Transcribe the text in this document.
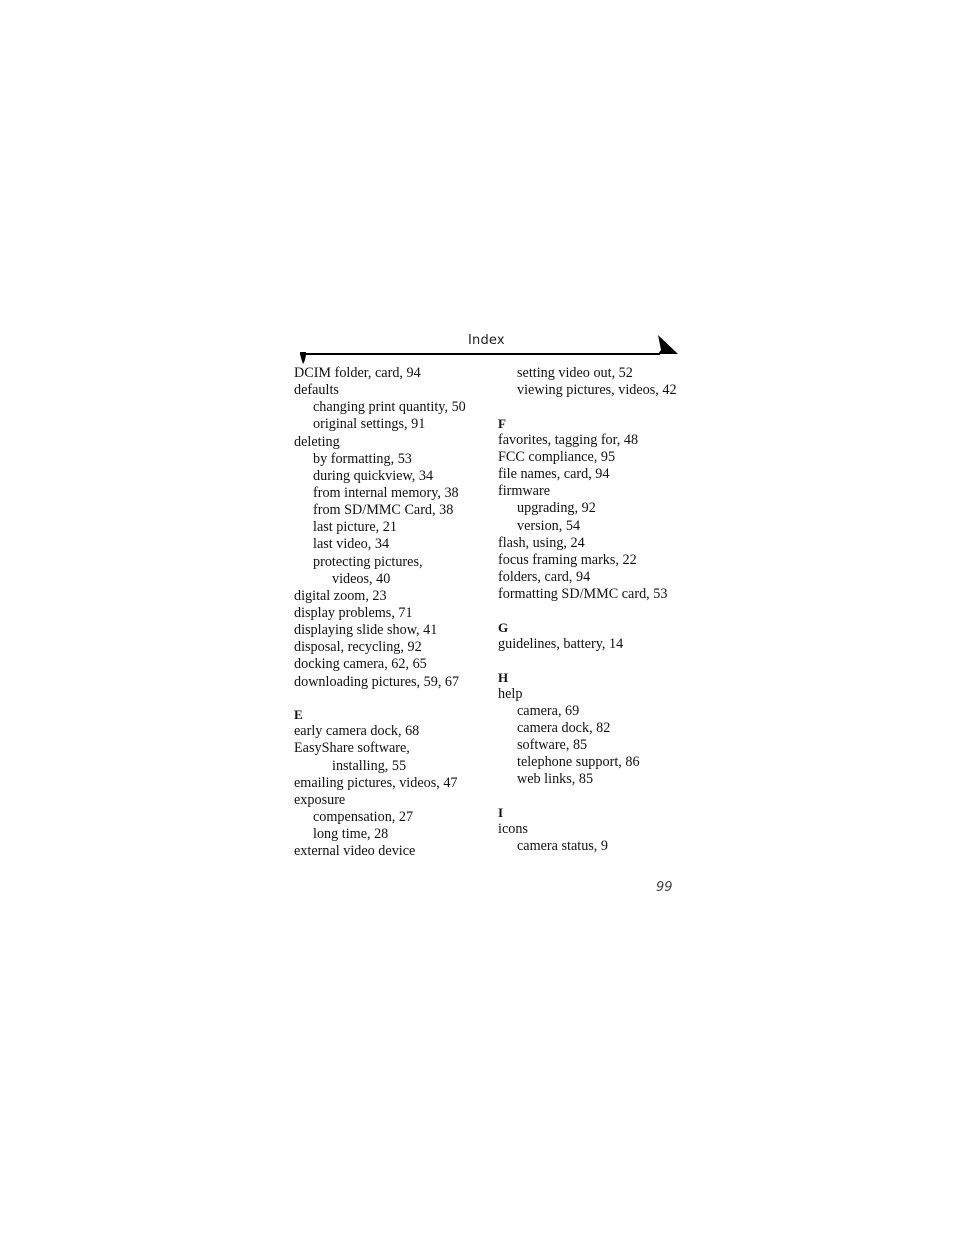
Index
DCIM folder, card, 94
defaults
changing print quantity, 50
original settings, 91
deleting
by formatting, 53
during quickview, 34
from internal memory, 38
from SD/MMC Card, 38
last picture, 21
last video, 34
protecting pictures,
videos, 40
digital zoom, 23
display problems, 71
displaying slide show, 41
disposal, recycling, 92
docking camera, 62, 65
downloading pictures, 59, 67
E
early camera dock, 68
EasyShare software,
installing, 55
emailing pictures, videos, 47
exposure
compensation, 27
long time, 28
external video device
setting video out, 52
viewing pictures, videos, 42
F
favorites, tagging for, 48
FCC compliance, 95
file names, card, 94
firmware
upgrading, 92
version, 54
flash, using, 24
focus framing marks, 22
folders, card, 94
formatting SD/MMC card, 53
G
guidelines, battery, 14
H
help
camera, 69
camera dock, 82
software, 85
telephone support, 86
web links, 85
I
icons
camera status, 9
99
